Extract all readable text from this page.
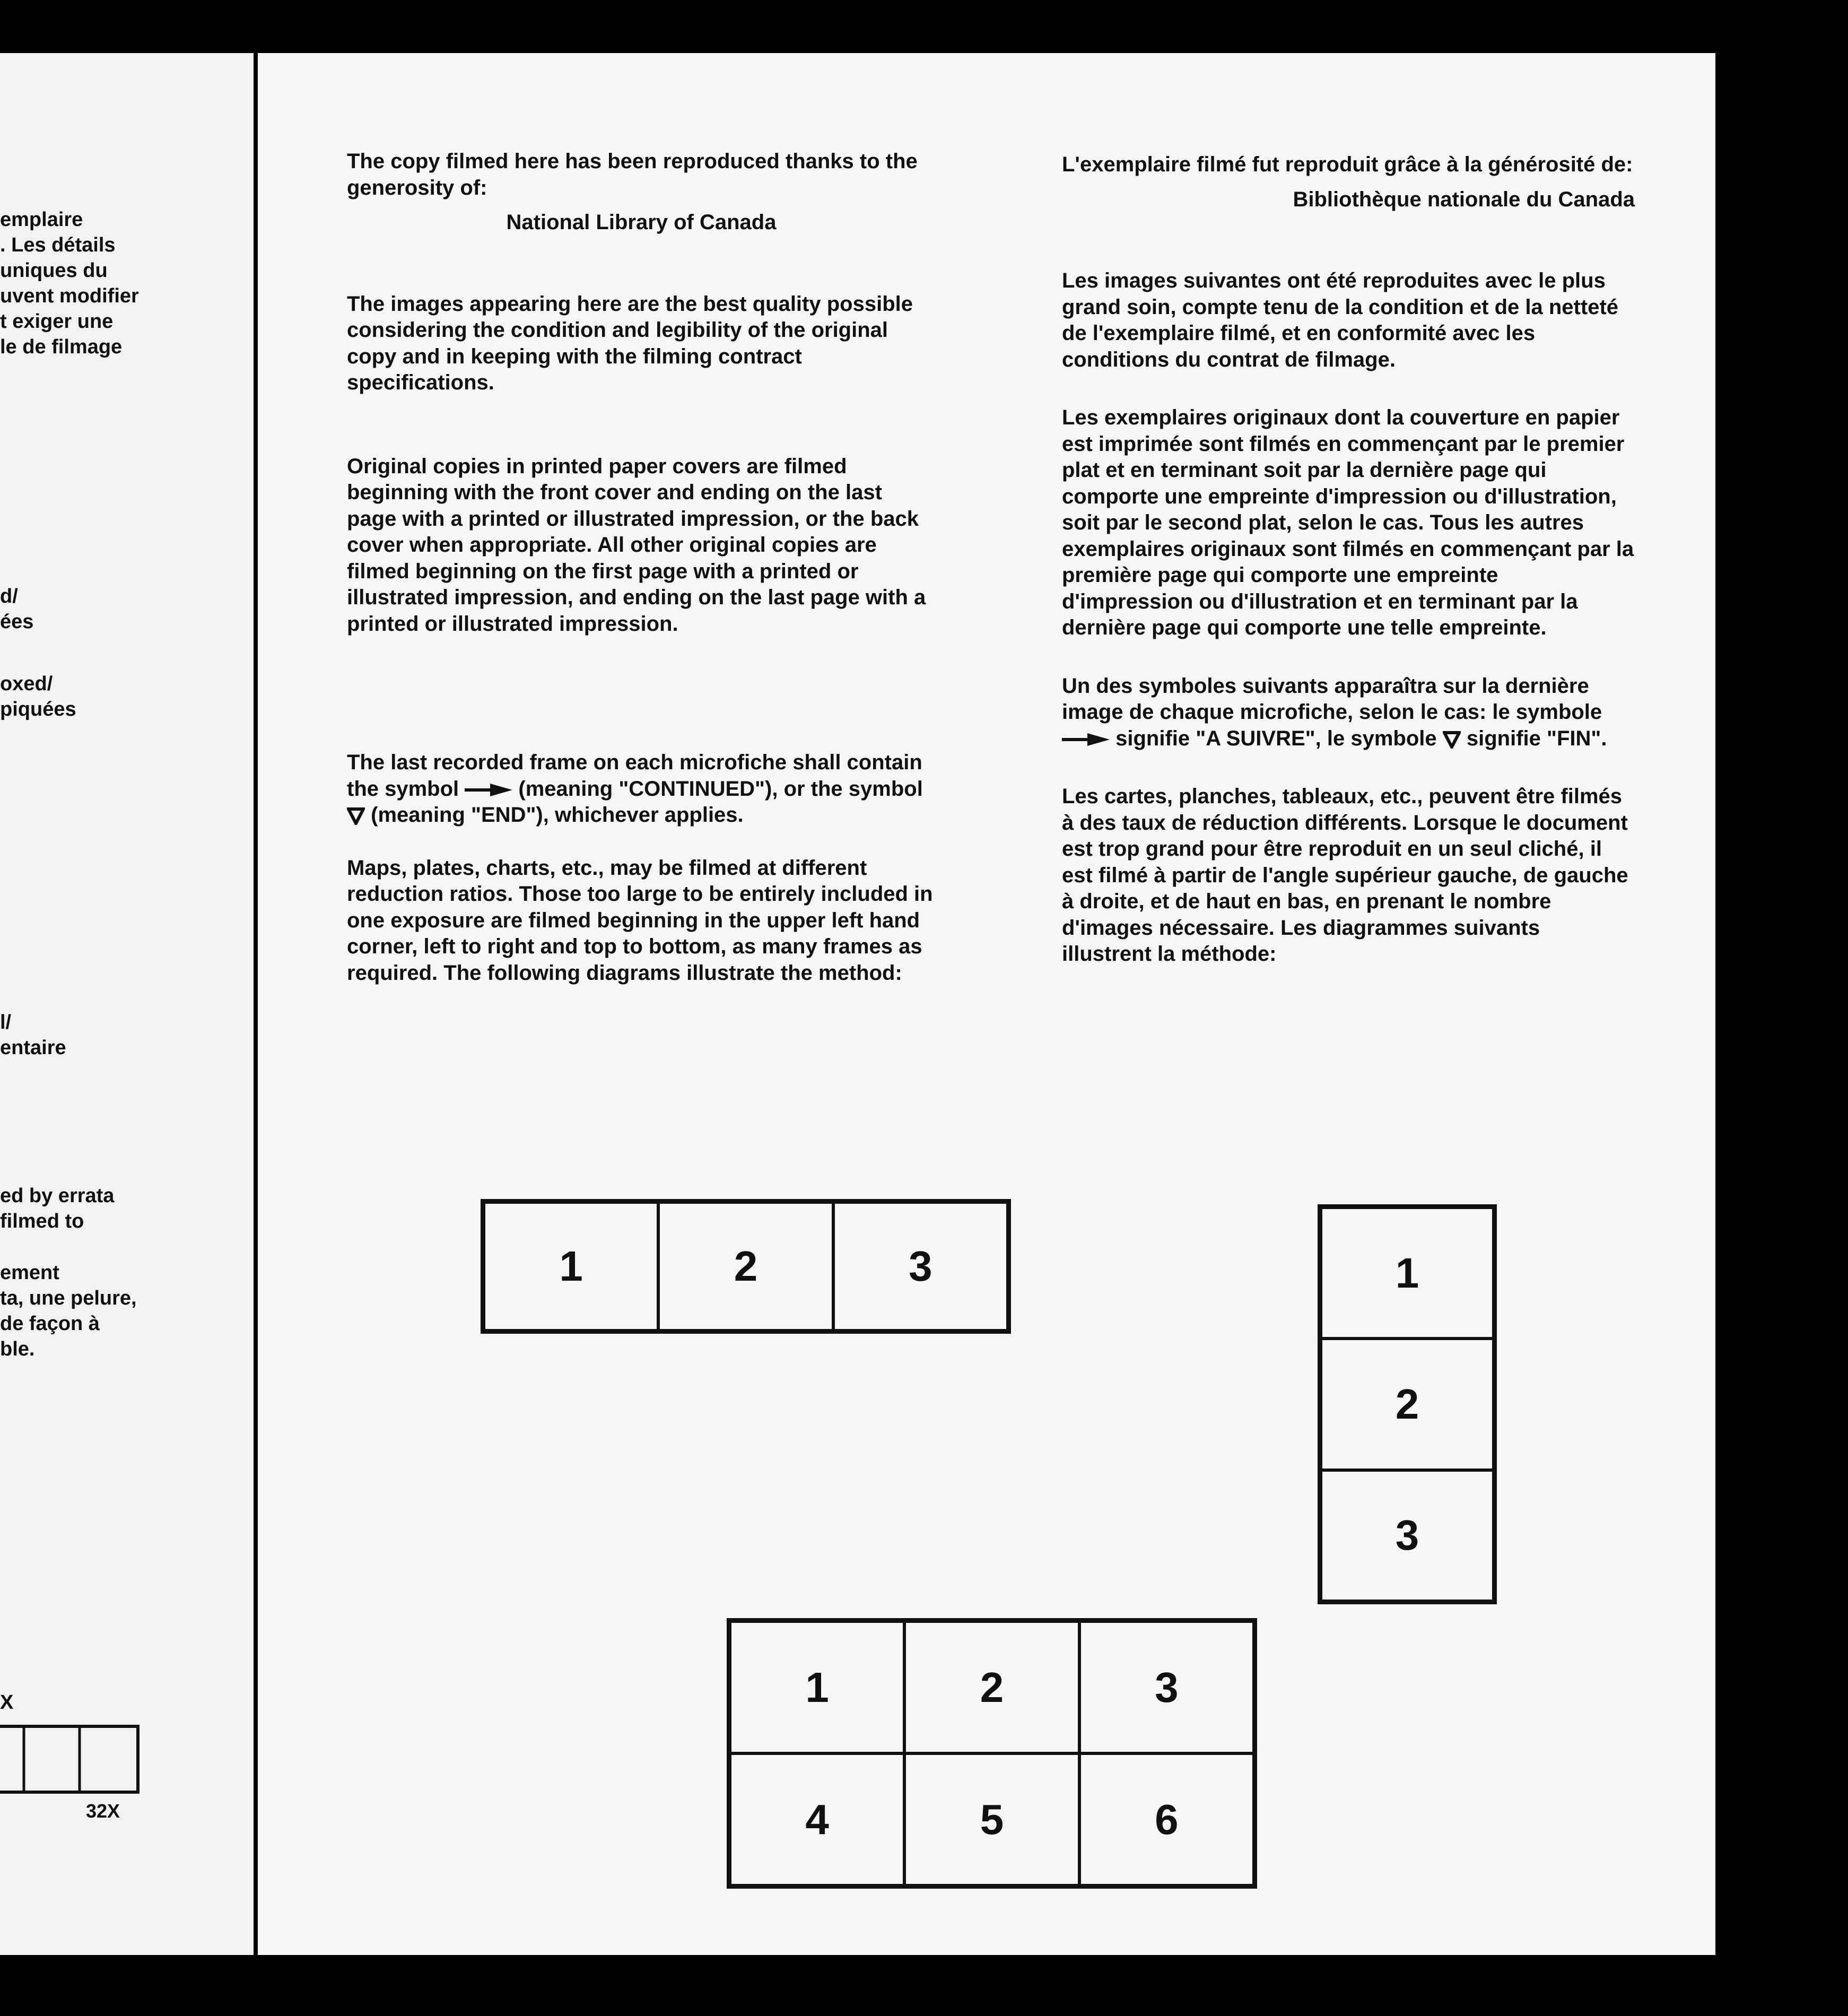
emplaire
. Les détails
uniques du
uvent modifier
t exiger une
le de filmage
d/
ées
oxed/
piquées
l/
entaire
ed by errata
filmed to
ement
ta, une pelure,
de façon à
ble.
X
32X

The copy filmed here has been reproduced thanks to the generosity of:

National Library of Canada

The images appearing here are the best quality possible considering the condition and legibility of the original copy and in keeping with the filming contract specifications.

Original copies in printed paper covers are filmed beginning with the front cover and ending on the last page with a printed or illustrated impression, or the back cover when appropriate. All other original copies are filmed beginning on the first page with a printed or illustrated impression, and ending on the last page with a printed or illustrated impression.

The last recorded frame on each microfiche shall contain the symbol	(meaning "CONTINUED"), or the symbol  (meaning "END"), whichever applies.

Maps, plates, charts, etc., may be filmed at different reduction ratios. Those too large to be entirely included in one exposure are filmed beginning in the upper left hand corner, left to right and top to bottom, as many frames as required. The following diagrams illustrate the method:

L'exemplaire filmé fut reproduit grâce à la générosité de:

Bibliothèque nationale du Canada

Les images suivantes ont été reproduites avec le plus grand soin, compte tenu de la condition et de la netteté de l'exemplaire filmé, et en conformité avec les conditions du contrat de filmage.

Les exemplaires originaux dont la couverture en papier est imprimée sont filmés en commençant par le premier plat et en terminant soit par la dernière page qui comporte une empreinte d'impression ou d'illustration, soit par le second plat, selon le cas. Tous les autres exemplaires originaux sont filmés en commençant par la première page qui comporte une empreinte d'impression ou d'illustration et en terminant par la dernière page qui comporte une telle empreinte.

Un des symboles suivants apparaîtra sur la dernière image de chaque microfiche, selon le cas: le symbole  signifie "A SUIVRE", le symbole signifie "FIN".

Les cartes, planches, tableaux, etc., peuvent être filmés à des taux de réduction différents. Lorsque le document est trop grand pour être reproduit en un seul cliché, il est filmé à partir de l'angle supérieur gauche, de gauche à droite, et de haut en bas, en prenant le nombre d'images nécessaire. Les diagrammes suivants illustrent la méthode:

1	2	3	1
2
3
1	2	3
4	5	6
